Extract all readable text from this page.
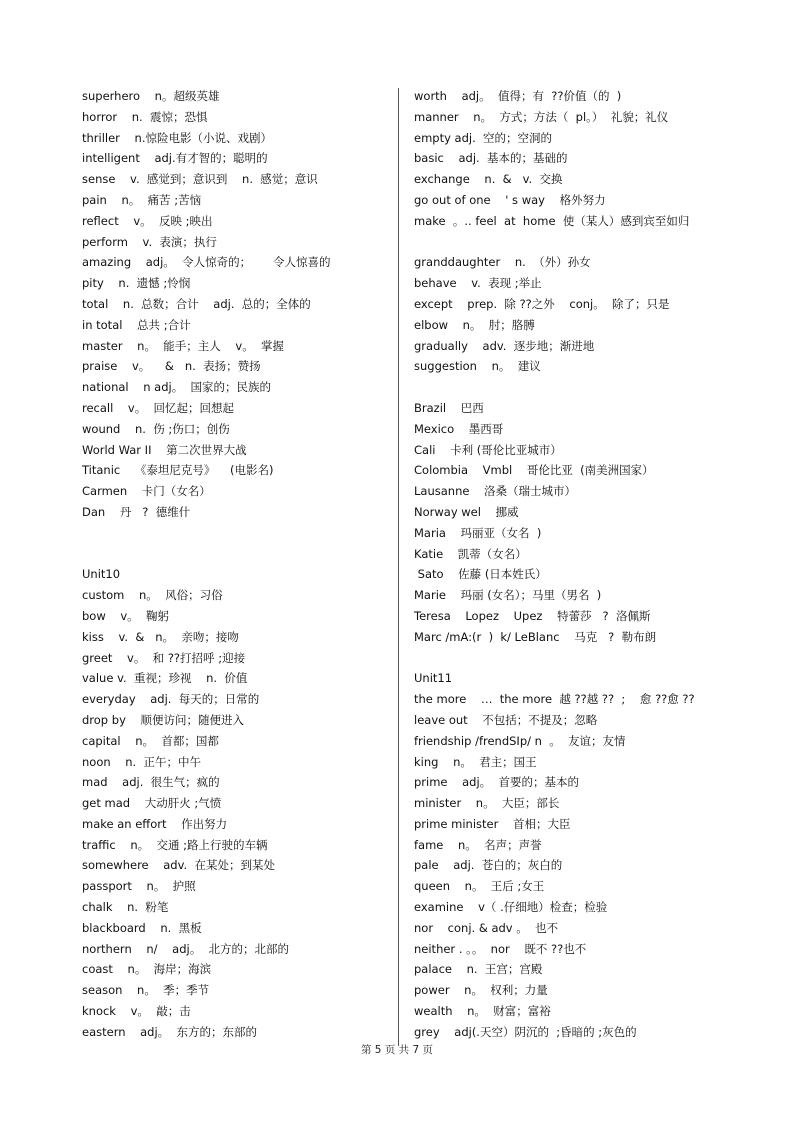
superhero    n。超级英雄
horror    n.  震惊；恐惧
thriller    n.惊险电影（小说、戏剧）
intelligent    adj.有才智的；聪明的
sense    v.  感觉到；意识到    n.  感觉；意识
pain    n。  痛苦 ;苦恼
reflect    v。  反映 ;映出
perform    v.  表演；执行
amazing    adj。  令人惊奇的；      令人惊喜的
pity    n.  遗憾 ;怜悯
total    n.  总数；合计    adj.  总的；全体的
in total    总共 ;合计
master    n。  能手；主人    v。  掌握
praise    v。    &   n.  表扬；赞扬
national    n adj。  国家的；民族的
recall    v。  回忆起；回想起
wound    n.  伤 ;伤口；创伤
World War II    第二次世界大战
Titanic    《泰坦尼克号》    (电影名)
Carmen    卡门（女名）
Dan    丹   ?  德维什
Unit10
custom    n。  风俗；习俗
bow    v。  鞠躬
kiss    v.  &   n。  亲吻；接吻
greet    v。  和 ??打招呼 ;迎接
value v.  重视；珍视    n.  价值
everyday    adj.  每天的；日常的
drop by    顺便访问；随便进入
capital    n。  首都；国都
noon    n.  正午；中午
mad    adj.  很生气；疯的
get mad    大动肝火 ;气愤
make an effort    作出努力
traffic    n。  交通 ;路上行驶的车辆
somewhere    adv.  在某处；到某处
passport    n。  护照
chalk    n.  粉笔
blackboard    n.  黑板
northern    n/    adj。  北方的；北部的
coast    n。  海岸；海滨
season    n。  季；季节
knock    v。  敲；击
eastern    adj。  东方的；东部的
worth    adj。  值得；有  ??价值（的  )
manner    n。  方式；方法（  pl。）  礼貌；礼仪
empty adj.  空的；空洞的
basic    adj.  基本的；基础的
exchange    n.  &   v.  交换
go out of one    ' s way    格外努力
make  。.. feel  at  home  使（某人）感到宾至如归
granddaughter    n.  （外）孙女
behave    v.  表现 ;举止
except    prep.  除 ??之外    conj。  除了；只是
elbow    n。  肘；胳膊
gradually    adv.  逐步地；渐进地
suggestion    n。  建议
Brazil    巴西
Mexico    墨西哥
Cali    卡利 (哥伦比亚城市）
Colombia    Vmbl    哥伦比亚  (南美洲国家）
Lausanne    洛桑（瑞士城市）
Norway wel    挪威
Maria    玛丽亚（女名  )
Katie    凯蒂（女名）
Sato    佐藤 (日本姓氏）
Marie    玛丽 (女名）；马里（男名  )
Teresa    Lopez    Upez    特蕾莎   ?  洛佩斯
Marc /mA:(r  )  k/ LeBlanc    马克   ?  勒布朗
Unit11
the more    …  the more  越 ??越 ??  ;    愈 ??愈 ??
leave out    不包括；不提及；忽略
friendship /frendSIp/ n  。  友谊；友情
king    n。  君主；国王
prime    adj。  首要的；基本的
minister    n。  大臣；部长
prime minister    首相；大臣
fame    n。  名声；声誉
pale    adj.  苍白的；灰白的
queen    n。  王后 ;女王
examine    v（ .仔细地）检查；检验
nor    conj. & adv 。  也不
neither . 。。  nor    既不 ??也不
palace    n.  王宫；宫殿
power    n。  权利；力量
wealth    n。  财富；富裕
grey    adj(.天空）阴沉的  ;昏暗的 ;灰色的
第 5 页 共 7 页
